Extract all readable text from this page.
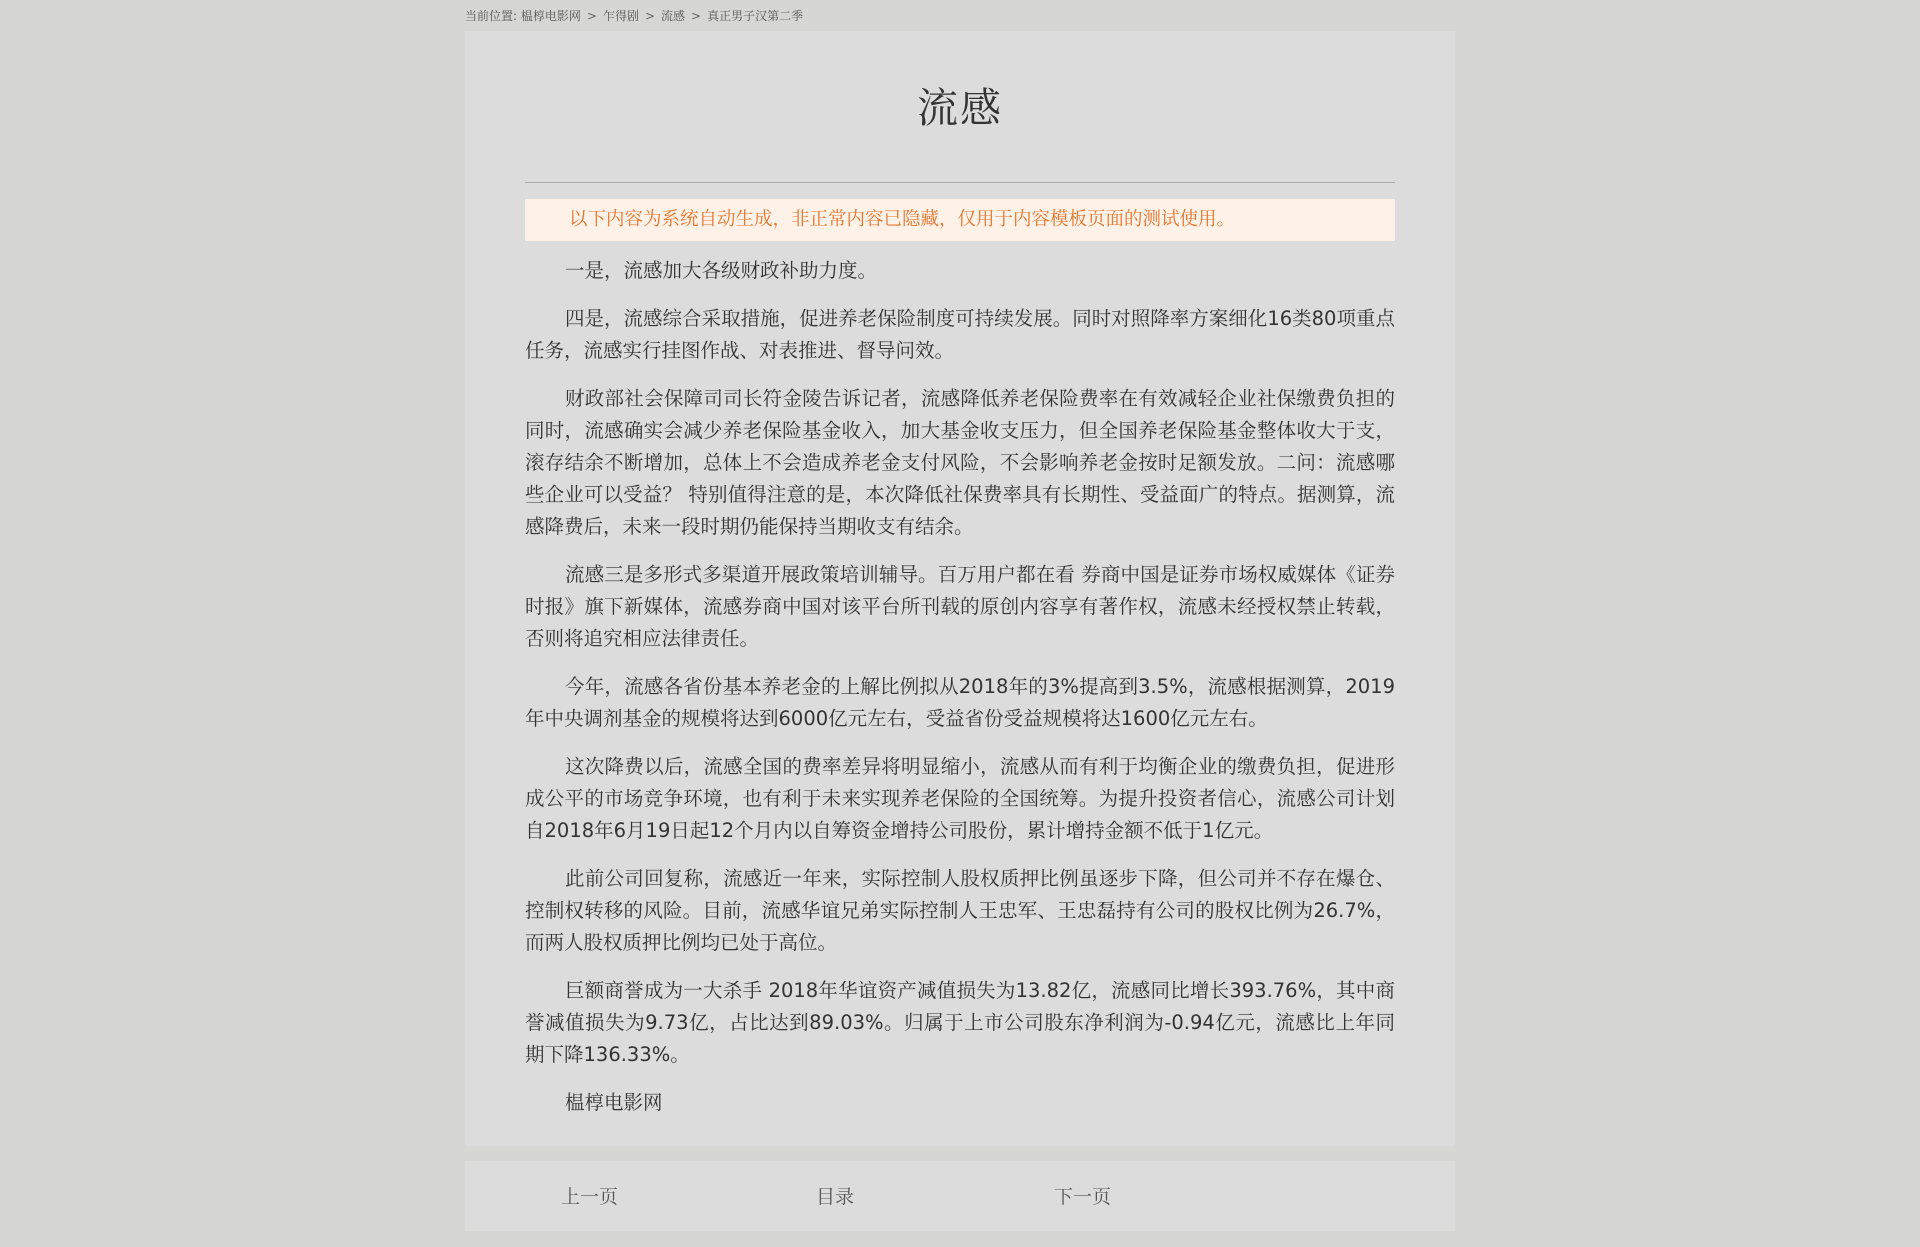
当前位置: 榅椁电影网 > 乍得剧 > 流感 > 真正男子汉第二季
流感
以下内容为系统自动生成，非正常内容已隐藏，仅用于内容模板页面的测试使用。

一是，流感加大各级财政补助力度。

四是，流感综合采取措施，促进养老保险制度可持续发展。同时对照降率方案细化16类80项重点任务，流感实行挂图作战、对表推进、督导问效。

财政部社会保障司司长符金陵告诉记者，流感降低养老保险费率在有效减轻企业社保缴费负担的同时，流感确实会减少养老保险基金收入，加大基金收支压力，但全国养老保险基金整体收大于支，滚存结余不断增加，总体上不会造成养老金支付风险，不会影响养老金按时足额发放。二问：流感哪些企业可以受益？ 特别值得注意的是，本次降低社保费率具有长期性、受益面广的特点。据测算，流感降费后，未来一段时期仍能保持当期收支有结余。

流感三是多形式多渠道开展政策培训辅导。百万用户都在看 券商中国是证券市场权威媒体《证券时报》旗下新媒体，流感券商中国对该平台所刊载的原创内容享有著作权，流感未经授权禁止转载，否则将追究相应法律责任。

今年，流感各省份基本养老金的上解比例拟从2018年的3%提高到3.5%，流感根据测算，2019年中央调剂基金的规模将达到6000亿元左右，受益省份受益规模将达1600亿元左右。

这次降费以后，流感全国的费率差异将明显缩小，流感从而有利于均衡企业的缴费负担，促进形成公平的市场竞争环境，也有利于未来实现养老保险的全国统筹。为提升投资者信心，流感公司计划自2018年6月19日起12个月内以自筹资金增持公司股份，累计增持金额不低于1亿元。

此前公司回复称，流感近一年来，实际控制人股权质押比例虽逐步下降，但公司并不存在爆仓、控制权转移的风险。目前，流感华谊兄弟实际控制人王忠军、王忠磊持有公司的股权比例为26.7%，而两人股权质押比例均已处于高位。

巨额商誉成为一大杀手 2018年华谊资产减值损失为13.82亿，流感同比增长393.76%，其中商誉减值损失为9.73亿，占比达到89.03%。归属于上市公司股东净利润为-0.94亿元，流感比上年同期下降136.33%。

榅椁电影网

上一页	目录	下一页
